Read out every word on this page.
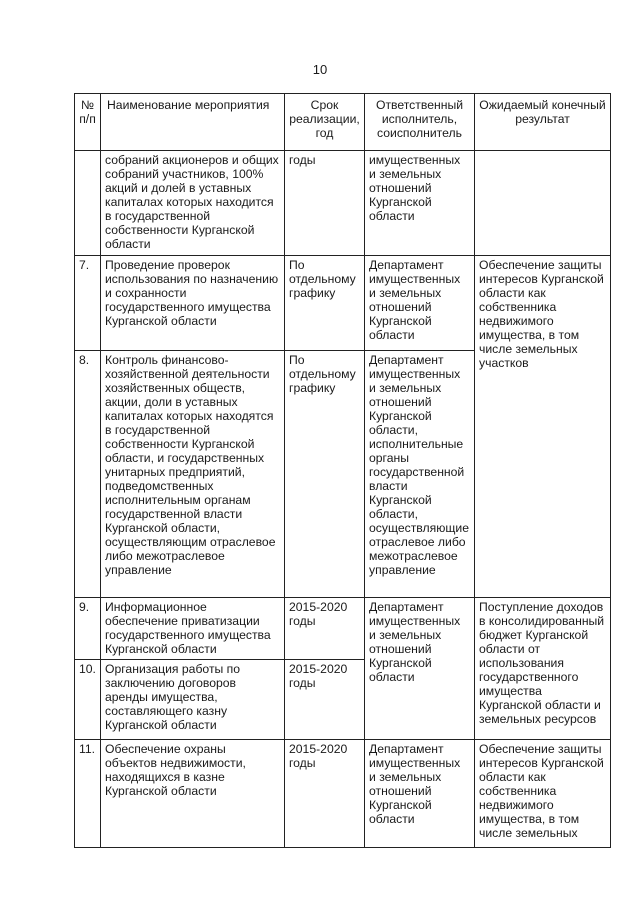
10
№ п/п	Наименование мероприятия	Срок реализации, год	Ответственный исполнитель, соисполнитель	Ожидаемый конечный результат
	собраний акционеров и общих собраний участников, 100% акций и долей в уставных капиталах которых находится в государственной собственности Курганской области	годы	имущественных и земельных отношений Курганской области	
7.	Проведение проверок использования по назначению и сохранности государственного имущества Курганской области	По отдельному графику	Департамент имущественных и земельных отношений Курганской области	Обеспечение защиты интересов Курганской области как собственника недвижимого имущества, в том числе земельных участков
8.	Контроль финансово-хозяйственной деятельности хозяйственных обществ, акции, доли в уставных капиталах которых находятся в государственной собственности Курганской области, и государственных унитарных предприятий, подведомственных исполнительным органам государственной власти Курганской области, осуществляющим отраслевое либо межотраслевое управление	По отдельному графику	Департамент имущественных и земельных отношений Курганской области, исполнительные органы государственной власти Курганской области, осуществляющие отраслевое либо межотраслевое управление	
9.	Информационное обеспечение приватизации государственного имущества Курганской области	2015-2020 годы	Департамент имущественных и земельных отношений Курганской области	Поступление доходов в консолидированный бюджет Курганской области от использования государственного имущества Курганской области и земельных ресурсов
10.	Организация работы по заключению договоров аренды имущества, составляющего казну Курганской области	2015-2020 годы		
11.	Обеспечение охраны объектов недвижимости, находящихся в казне Курганской области	2015-2020 годы	Департамент имущественных и земельных отношений Курганской области	Обеспечение защиты интересов Курганской области как собственника недвижимого имущества, в том числе земельных
